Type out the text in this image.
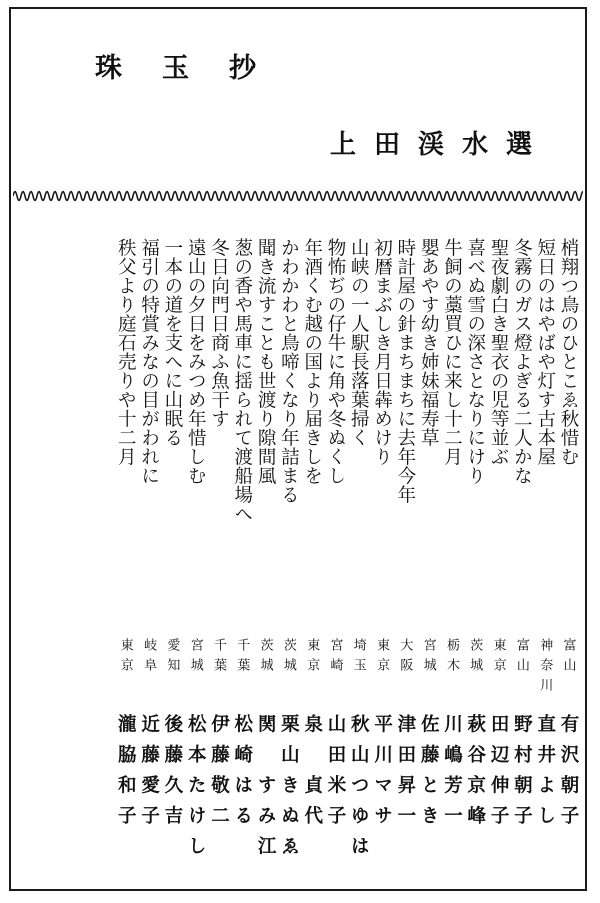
珠玉抄
上田渓水選
梢翔つ鳥のひとこゑ秋惜む
富山
有沢朝子
短日のはやばや灯す古本屋
神奈川
直井よし
冬霧のガス燈よぎる二人かな
富山
野村朝子
聖夜劇白き聖衣の児等並ぶ
東京
田辺伸子
喜べぬ雪の深さとなりにけり
茨城
萩谷京峰
牛飼の藁買ひに来し十二月
栃木
川嶋芳一
嬰あやす幼き姉妹福寿草
宮城
佐藤とき
時計屋の針まちまちに去年今年
大阪
津田昇一
初暦まぶしき月日犇めけり
東京
平川マサ
山峡の一人駅長落葉掃く
埼玉
秋山つゆは
物怖ぢの仔牛に角や冬ぬくし
宮崎
山田米子
年酒くむ越の国より届きしを
東京
泉　貞代
かわかわと鳥啼くなり年詰まる
茨城
栗山きぬゑ
聞き流すことも世渡り隙間風
茨城
関　すみ江
葱の香や馬車に揺られて渡船場へ
千葉
松崎はる
冬日向門日商ふ魚干す
千葉
伊藤敬二
遠山の夕日をみつめ年惜しむ
宮城
松本たけし
一本の道を支へに山眠る
愛知
後藤久吉
福引の特賞みなの目がわれに
岐阜
近藤愛子
秩父より庭石売りや十二月
東京
瀧脇和子
